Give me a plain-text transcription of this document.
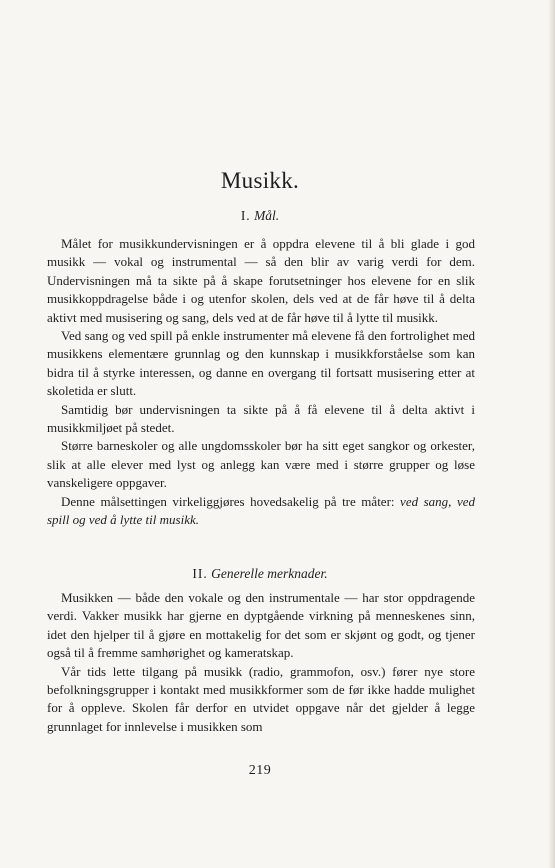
Musikk.
I. Mål.

Målet for musikkundervisningen er å oppdra elevene til å bli glade i god musikk — vokal og instrumental — så den blir av varig verdi for dem. Undervisningen må ta sikte på å skape forutsetninger hos elevene for en slik musikkoppdragelse både i og utenfor skolen, dels ved at de får høve til å delta aktivt med musisering og sang, dels ved at de får høve til å lytte til musikk.

Ved sang og ved spill på enkle instrumenter må elevene få den fortrolighet med musikkens elementære grunnlag og den kunnskap i musikkforståelse som kan bidra til å styrke interessen, og danne en overgang til fortsatt musisering etter at skoletida er slutt.

Samtidig bør undervisningen ta sikte på å få elevene til å delta aktivt i musikkmiljøet på stedet.

Større barneskoler og alle ungdomsskoler bør ha sitt eget sangkor og orkester, slik at alle elever med lyst og anlegg kan være med i større grupper og løse vanskeligere oppgaver.

Denne målsettingen virkeliggjøres hovedsakelig på tre måter: ved sang, ved spill og ved å lytte til musikk.

II. Generelle merknader.

Musikken — både den vokale og den instrumentale — har stor oppdragende verdi. Vakker musikk har gjerne en dyptgående virkning på menneskenes sinn, idet den hjelper til å gjøre en mottakelig for det som er skjønt og godt, og tjener også til å fremme samhørighet og kameratskap.

Vår tids lette tilgang på musikk (radio, grammofon, osv.) fører nye store befolkningsgrupper i kontakt med musikkformer som de før ikke hadde mulighet for å oppleve. Skolen får derfor en utvidet oppgave når det gjelder å legge grunnlaget for innlevelse i musikken som

219
